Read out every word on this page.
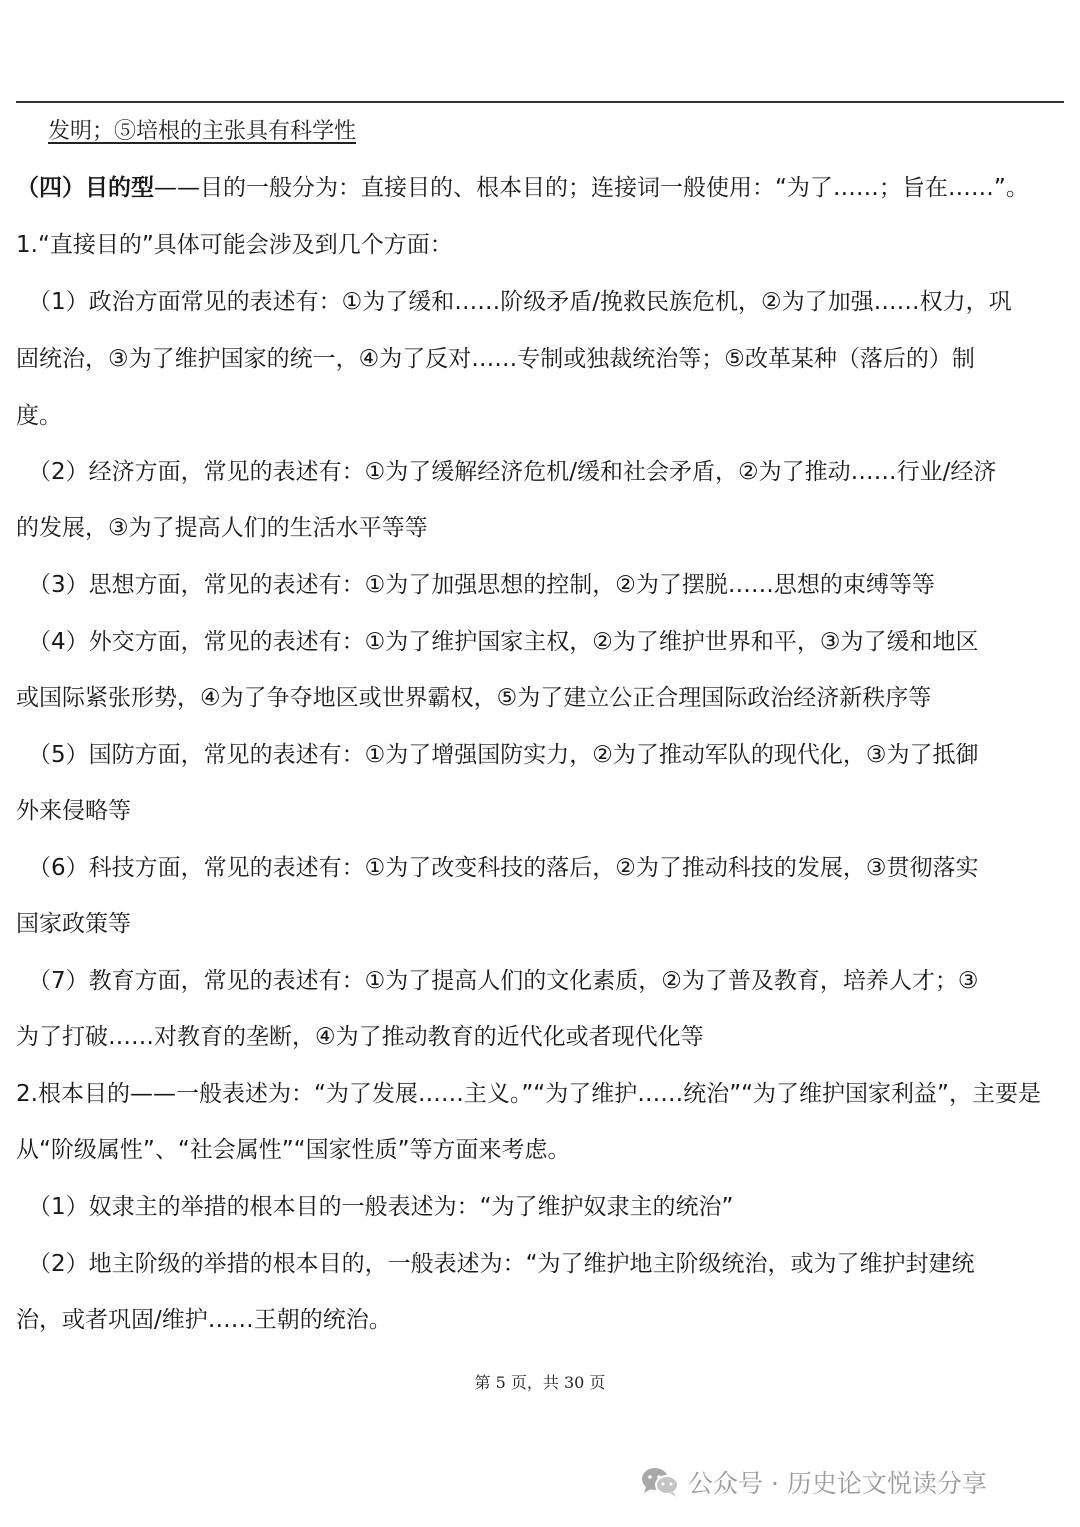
发明；⑤培根的主张具有科学性
（四）目的型——目的一般分为：直接目的、根本目的；连接词一般使用：“为了……；旨在……”。
1.“直接目的”具体可能会涉及到几个方面：
（1）政治方面常见的表述有：①为了缓和……阶级矛盾/挽救民族危机，②为了加强……权力，巩
固统治，③为了维护国家的统一，④为了反对……专制或独裁统治等；⑤改革某种（落后的）制
度。
（2）经济方面，常见的表述有：①为了缓解经济危机/缓和社会矛盾，②为了推动……行业/经济
的发展，③为了提高人们的生活水平等等
（3）思想方面，常见的表述有：①为了加强思想的控制，②为了摆脱……思想的束缚等等
（4）外交方面，常见的表述有：①为了维护国家主权，②为了维护世界和平，③为了缓和地区
或国际紧张形势，④为了争夺地区或世界霸权，⑤为了建立公正合理国际政治经济新秩序等
（5）国防方面，常见的表述有：①为了增强国防实力，②为了推动军队的现代化，③为了抵御
外来侵略等
（6）科技方面，常见的表述有：①为了改变科技的落后，②为了推动科技的发展，③贯彻落实
国家政策等
（7）教育方面，常见的表述有：①为了提高人们的文化素质，②为了普及教育，培养人才；③
为了打破……对教育的垄断，④为了推动教育的近代化或者现代化等
2.根本目的——一般表述为：“为了发展……主义。”“为了维护……统治”“为了维护国家利益”，主要是
从“阶级属性”、“社会属性”“国家性质”等方面来考虑。
（1）奴隶主的举措的根本目的一般表述为：“为了维护奴隶主的统治”
（2）地主阶级的举措的根本目的，一般表述为：“为了维护地主阶级统治，或为了维护封建统
治，或者巩固/维护……王朝的统治。
第 5 页，共 30 页
公众号 · 历史论文悦读分享
